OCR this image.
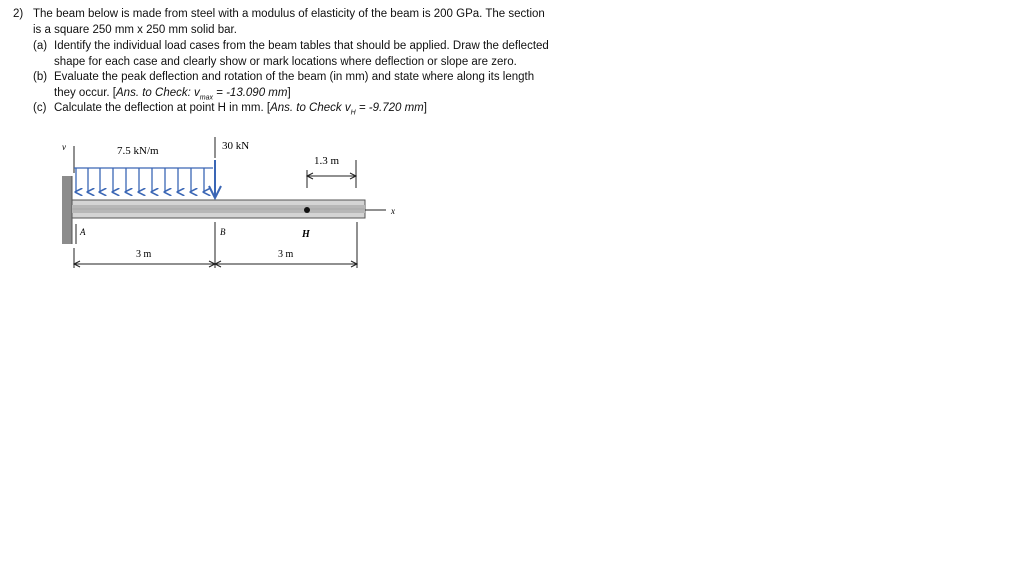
2) The beam below is made from steel with a modulus of elasticity of the beam is 200 GPa. The section
is a square 250 mm x 250 mm solid bar.
(a) Identify the individual load cases from the beam tables that should be applied. Draw the deflected
shape for each case and clearly show or mark locations where deflection or slope are zero.
(b) Evaluate the peak deflection and rotation of the beam (in mm) and state where along its length
they occur. [Ans. to Check: $v_{max} = -13.090$ mm]
(c) Calculate the deflection at point H in mm. [Ans. to Check $v_H = -9.720$ mm]
v	7.5 kN/m	30 kN
x
H
1.3 m
A	B
3 m	3 m
